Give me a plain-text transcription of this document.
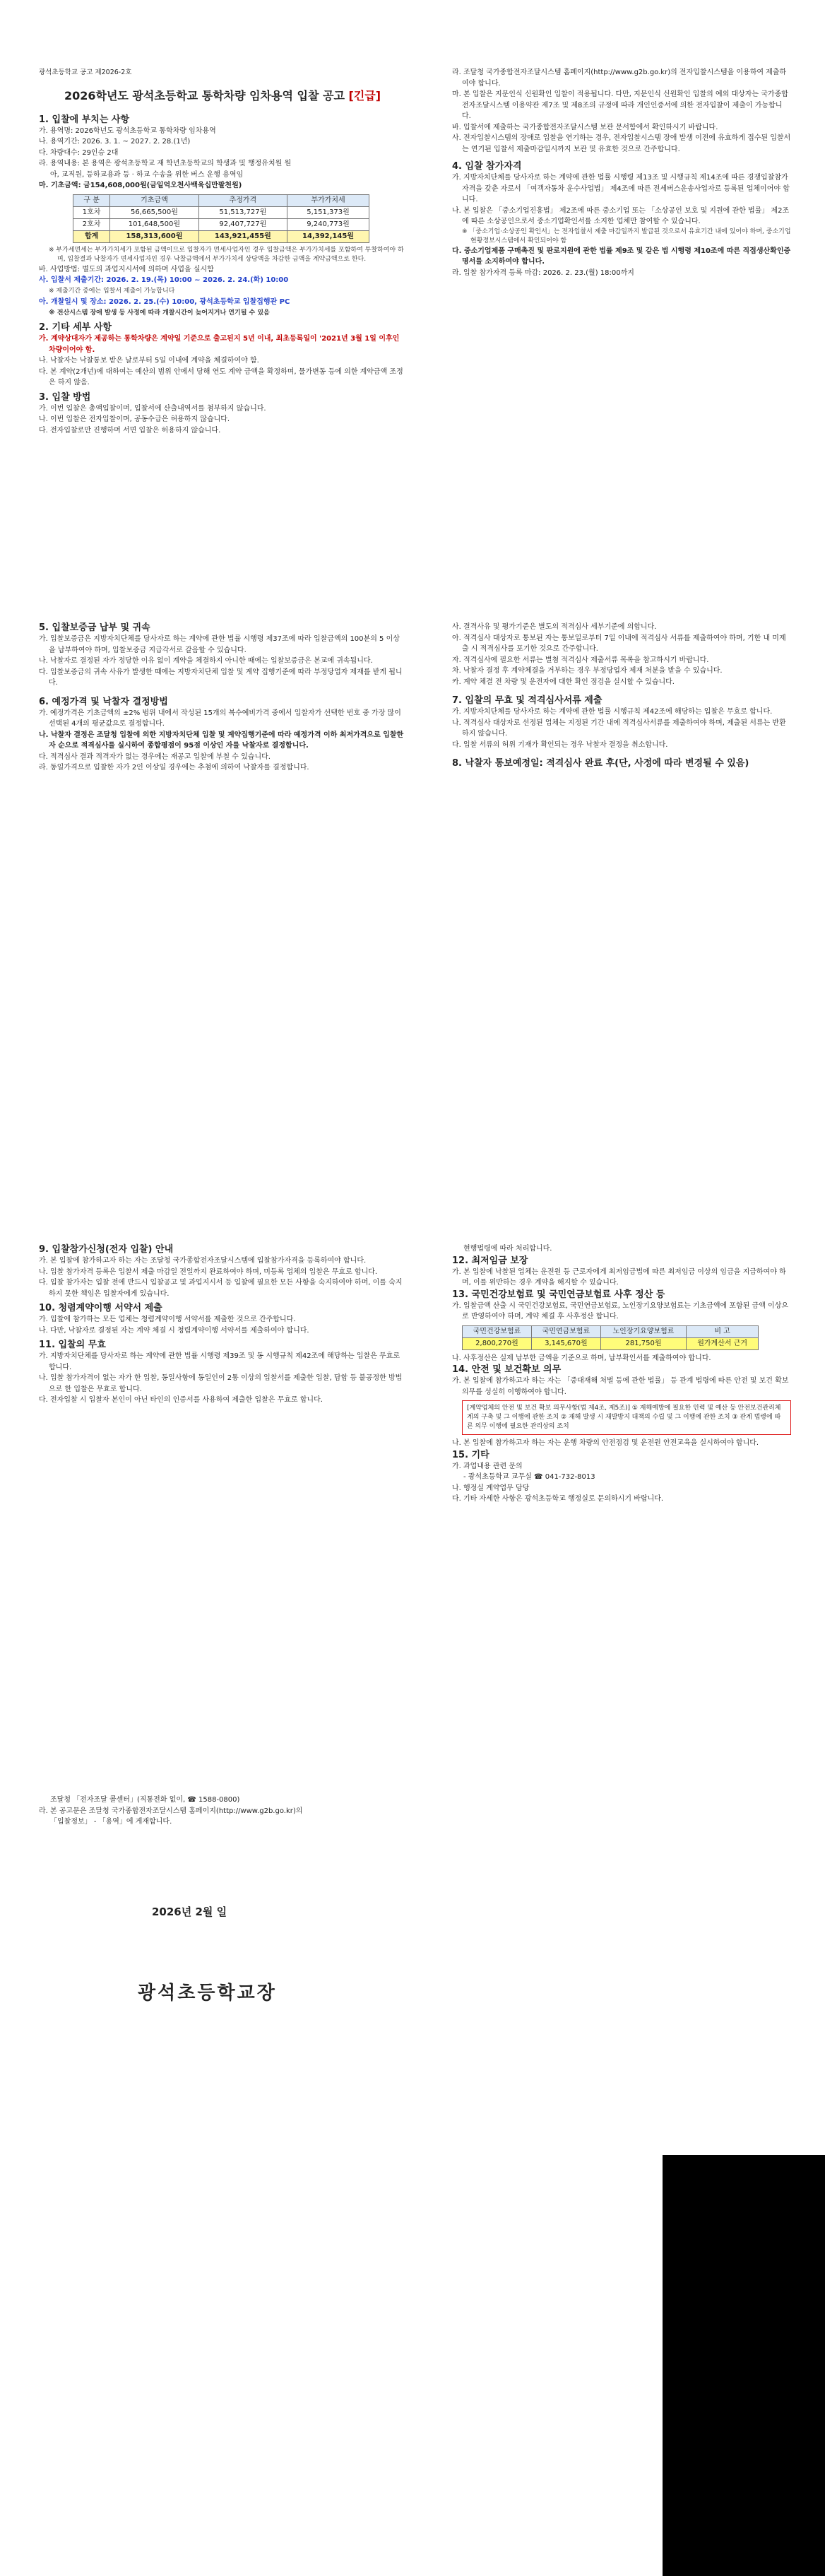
광석초등학교 공고 제2026-2호

2026학년도 광석초등학교 통학차량 임차용역 입찰 공고 [긴급]

1. 입찰에 부치는 사항

가. 용역명: 2026학년도 광석초등학교 통학차량 임차용역

나. 용역기간: 2026. 3. 1. ~ 2027. 2. 28.(1년)

다. 차량대수: 29인승 2대

라. 용역내용: 본 용역은 광석초등학교 재 학년초등학교의 학생과 및 행정유치원 원

아, 교직원, 등하교용과 등 · 하교 수송을 위한 버스 운행 용역임

마. 기초금액: 금154,608,000원(금일억오천사백육십만팔천원)

구 분	기초금액	추정가격	부가가치세
1호차	56,665,500원	51,513,727원	5,151,373원
2호차	101,648,500원	92,407,727원	9,240,773원
합계	158,313,600원	143,921,455원	14,392,145원

※ 부가세면세는 부가가치세가 포함된 금액이므로 입찰자가 면세사업자인 경우 입찰금액은 부가가치세를 포함하여 투찰하여야 하며, 입찰결과 낙찰자가 면세사업자인 경우 낙찰금액에서 부가가치세 상당액을 차감한 금액을 계약금액으로 한다.

바. 사업방법: 별도의 과업지시서에 의하며 사업을 실시함

사. 입찰서 제출기간: 2026. 2. 19.(목) 10:00 ~ 2026. 2. 24.(화) 10:00

※ 제출기간 중에는 입찰서 제출이 가능합니다

아. 개찰일시 및 장소: 2026. 2. 25.(수) 10:00, 광석초등학교 입찰집행관 PC

※ 전산시스템 장애 발생 등 사정에 따라 개찰시간이 늦어지거나 연기될 수 있음

2. 기타 세부 사항

가. 계약상대자가 제공하는 통학차량은 계약일 기준으로 출고된지 5년 이내, 최초등록일이 '2021년 3월 1일 이후인 차량이어야 함.

나. 낙찰자는 낙찰통보 받은 날로부터 5일 이내에 계약을 체결하여야 함.

다. 본 계약(2개년)에 대하여는 예산의 범위 안에서 당해 연도 계약 금액을 확정하며, 물가변동 등에 의한 계약금액 조정은 하지 않음.

3. 입찰 방법

가. 이번 입찰은 총액입찰이며, 입찰서에 산출내역서를 첨부하지 않습니다.

나. 이번 입찰은 전자입찰이며, 공동수급은 허용하지 않습니다.

다. 전자입찰로만 진행하며 서면 입찰은 허용하지 않습니다.

라. 조달청 국가종합전자조달시스템 홈페이지(http://www.g2b.go.kr)의 전자입찰시스템을 이용하여 제출하여야 합니다.

마. 본 입찰은 지문인식 신원확인 입찰이 적용됩니다. 다만, 지문인식 신원확인 입찰의 예외 대상자는 국가종합전자조달시스템 이용약관 제7조 및 제8조의 규정에 따라 개인인증서에 의한 전자입찰이 제출이 가능합니다.

바. 입찰서에 제출하는 국가종합전자조달시스템 보관 문서함에서 확인하시기 바랍니다.

사. 전자입찰시스템의 장애로 입찰을 연기하는 경우, 전자입찰시스템 장애 발생 이전에 유효하게 접수된 입찰서는 연기된 입찰서 제출마감일시까지 보관 및 유효한 것으로 간주합니다.

4. 입찰 참가자격

가. 지방자치단체를 당사자로 하는 계약에 관한 법률 시행령 제13조 및 시행규칙 제14조에 따른 경쟁입찰참가자격을 갖춘 자로서 「여객자동차 운수사업법」 제4조에 따른 전세버스운송사업자로 등록된 업체이어야 합니다.

나. 본 입찰은 「중소기업진흥법」 제2조에 따른 중소기업 또는 「소상공인 보호 및 지원에 관한 법률」 제2조에 따른 소상공인으로서 중소기업확인서를 소지한 업체만 참여할 수 있습니다.

※ 「중소기업·소상공인 확인서」는 전자입찰서 제출 마감일까지 발급된 것으로서 유효기간 내에 있어야 하며, 중소기업현황정보시스템에서 확인되어야 함

다. 중소기업제품 구매촉진 및 판로지원에 관한 법률 제9조 및 같은 법 시행령 제10조에 따른 직접생산확인증명서를 소지하여야 합니다.

라. 입찰 참가자격 등록 마감: 2026. 2. 23.(월) 18:00까지

5. 입찰보증금 납부 및 귀속

가. 입찰보증금은 지방자치단체를 당사자로 하는 계약에 관한 법률 시행령 제37조에 따라 입찰금액의 100분의 5 이상을 납부하여야 하며, 입찰보증금 지급각서로 갈음할 수 있습니다.

나. 낙찰자로 결정된 자가 정당한 이유 없이 계약을 체결하지 아니한 때에는 입찰보증금은 본교에 귀속됩니다.

다. 입찰보증금의 귀속 사유가 발생한 때에는 지방자치단체 입찰 및 계약 집행기준에 따라 부정당업자 제재를 받게 됩니다.

6. 예정가격 및 낙찰자 결정방법

가. 예정가격은 기초금액의 ±2% 범위 내에서 작성된 15개의 복수예비가격 중에서 입찰자가 선택한 번호 중 가장 많이 선택된 4개의 평균값으로 결정합니다.

나. 낙찰자 결정은 조달청 입찰에 의한 지방자치단체 입찰 및 계약집행기준에 따라 예정가격 이하 최저가격으로 입찰한 자 순으로 적격심사를 실시하여 종합평점이 95점 이상인 자를 낙찰자로 결정합니다.

다. 적격심사 결과 적격자가 없는 경우에는 재공고 입찰에 부칠 수 있습니다.

라. 동일가격으로 입찰한 자가 2인 이상일 경우에는 추첨에 의하여 낙찰자를 결정합니다.

사. 결격사유 및 평가기준은 별도의 적격심사 세부기준에 의합니다.

아. 적격심사 대상자로 통보된 자는 통보일로부터 7일 이내에 적격심사 서류를 제출하여야 하며, 기한 내 미제출 시 적격심사를 포기한 것으로 간주합니다.

자. 적격심사에 필요한 서류는 별첨 적격심사 제출서류 목록을 참고하시기 바랍니다.

차. 낙찰자 결정 후 계약체결을 거부하는 경우 부정당업자 제재 처분을 받을 수 있습니다.

카. 계약 체결 전 차량 및 운전자에 대한 확인 점검을 실시할 수 있습니다.

7. 입찰의 무효 및 적격심사서류 제출

가. 지방자치단체를 당사자로 하는 계약에 관한 법률 시행규칙 제42조에 해당하는 입찰은 무효로 합니다.

나. 적격심사 대상자로 선정된 업체는 지정된 기간 내에 적격심사서류를 제출하여야 하며, 제출된 서류는 반환하지 않습니다.

다. 입찰 서류의 허위 기재가 확인되는 경우 낙찰자 결정을 취소합니다.

8. 낙찰자 통보예정일: 적격심사 완료 후(단, 사정에 따라 변경될 수 있음)

9. 입찰참가신청(전자 입찰) 안내

가. 본 입찰에 참가하고자 하는 자는 조달청 국가종합전자조달시스템에 입찰참가자격을 등록하여야 합니다.

나. 입찰 참가자격 등록은 입찰서 제출 마감일 전일까지 완료하여야 하며, 미등록 업체의 입찰은 무효로 합니다.

다. 입찰 참가자는 입찰 전에 반드시 입찰공고 및 과업지시서 등 입찰에 필요한 모든 사항을 숙지하여야 하며, 이를 숙지하지 못한 책임은 입찰자에게 있습니다.

10. 청렴계약이행 서약서 제출

가. 입찰에 참가하는 모든 업체는 청렴계약이행 서약서를 제출한 것으로 간주합니다.

나. 다만, 낙찰자로 결정된 자는 계약 체결 시 청렴계약이행 서약서를 제출하여야 합니다.

11. 입찰의 무효

가. 지방자치단체를 당사자로 하는 계약에 관한 법률 시행령 제39조 및 동 시행규칙 제42조에 해당하는 입찰은 무효로 합니다.

나. 입찰 참가자격이 없는 자가 한 입찰, 동일사항에 동일인이 2통 이상의 입찰서를 제출한 입찰, 담합 등 불공정한 방법으로 한 입찰은 무효로 합니다.

다. 전자입찰 시 입찰자 본인이 아닌 타인의 인증서를 사용하여 제출한 입찰은 무효로 합니다.

현행법령에 따라 처리합니다.

12. 최저임금 보장

가. 본 입찰에 낙찰된 업체는 운전원 등 근로자에게 최저임금법에 따른 최저임금 이상의 임금을 지급하여야 하며, 이를 위반하는 경우 계약을 해지할 수 있습니다.

13. 국민건강보험료 및 국민연금보험료 사후 정산 등

가. 입찰금액 산출 시 국민건강보험료, 국민연금보험료, 노인장기요양보험료는 기초금액에 포함된 금액 이상으로 반영하여야 하며, 계약 체결 후 사후정산 합니다.

국민건강보험료	국민연금보험료	노인장기요양보험료	비 고
2,800,270원	3,145,670원	281,750원	원가계산서 근거

나. 사후정산은 실제 납부한 금액을 기준으로 하며, 납부확인서를 제출하여야 합니다.

14. 안전 및 보건확보 의무

가. 본 입찰에 참가하고자 하는 자는 「중대재해 처벌 등에 관한 법률」 등 관계 법령에 따른 안전 및 보건 확보 의무를 성실히 이행하여야 합니다.

[계약업체의 안전 및 보건 확보 의무사항(법 제4조, 제5조)] ① 재해예방에 필요한 인력 및 예산 등 안전보건관리체계의 구축 및 그 이행에 관한 조치 ② 재해 발생 시 재발방지 대책의 수립 및 그 이행에 관한 조치 ③ 관계 법령에 따른 의무 이행에 필요한 관리상의 조치

나. 본 입찰에 참가하고자 하는 자는 운행 차량의 안전점검 및 운전원 안전교육을 실시하여야 합니다.

15. 기타

가. 과업내용 관련 문의

- 광석초등학교 교무실 ☎ 041-732-8013

나. 행정실 계약업무 담당

다. 기타 자세한 사항은 광석초등학교 행정실로 문의하시기 바랍니다.

조달청 「전자조달 콜센터」(직통전화 없이, ☎ 1588-0800)

라. 본 공고문은 조달청 국가종합전자조달시스템 홈페이지(http://www.g2b.go.kr)의

「입찰정보」 - 「용역」에 게재합니다.

2026년 2월 일
광석초등학교장
